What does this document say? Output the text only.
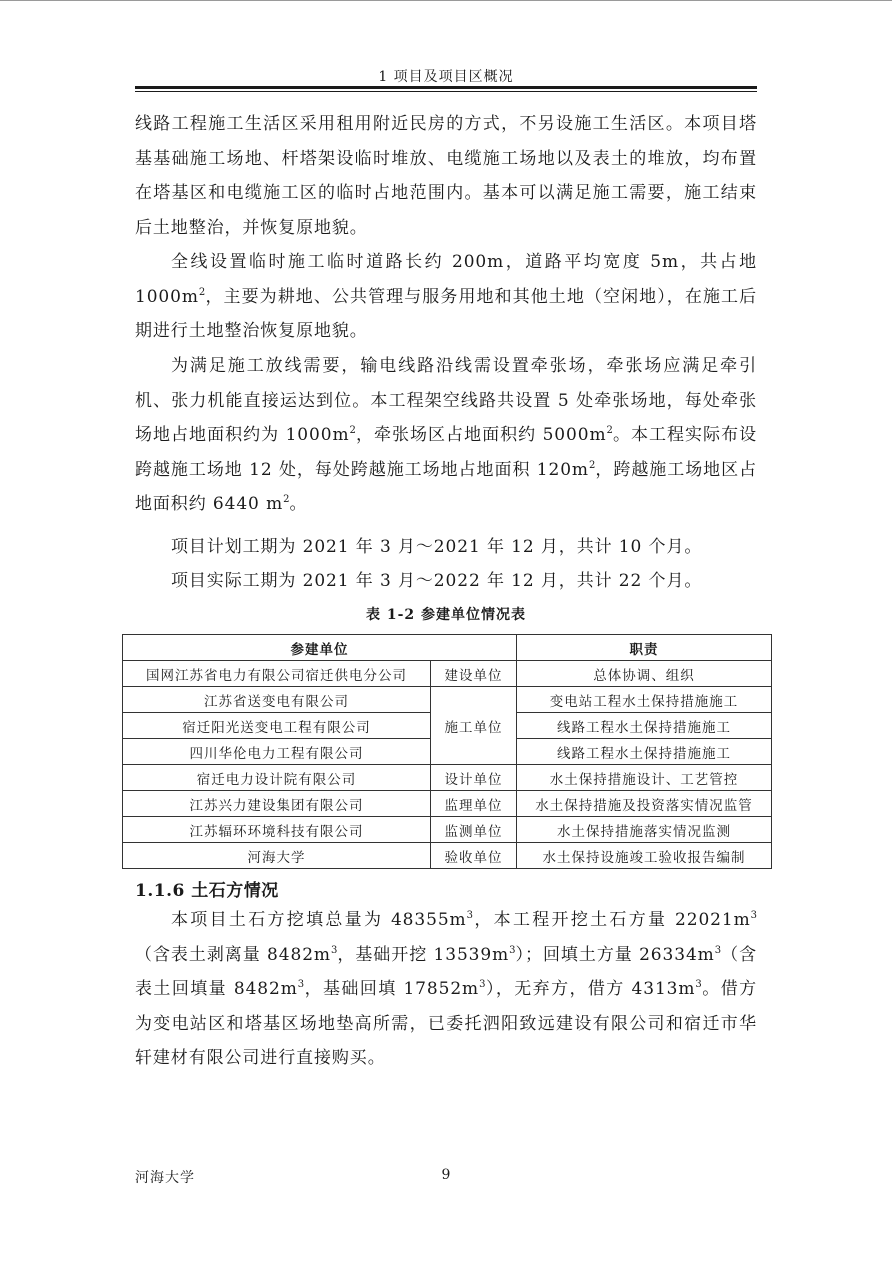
1 项目及项目区概况

线路工程施工生活区采用租用附近民房的方式，不另设施工生活区。本项目塔基基础施工场地、杆塔架设临时堆放、电缆施工场地以及表土的堆放，均布置在塔基区和电缆施工区的临时占地范围内。基本可以满足施工需要，施工结束后土地整治，并恢复原地貌。

全线设置临时施工临时道路长约 200m，道路平均宽度 5m，共占地 $1000m^2$，主要为耕地、公共管理与服务用地和其他土地（空闲地），在施工后期进行土地整治恢复原地貌。

为满足施工放线需要，输电线路沿线需设置牵张场，牵张场应满足牵引机、张力机能直接运达到位。本工程架空线路共设置 5 处牵张场地，每处牵张场地占地面积约为 $1000m^2$，牵张场区占地面积约 $5000m^2$。本工程实际布设跨越施工场地 12 处，每处跨越施工场地占地面积 $120m^2$，跨越施工场地区占地面积约 6440 $m^2$。

项目计划工期为 2021 年 3 月～2021 年 12 月，共计 10 个月。

项目实际工期为 2021 年 3 月～2022 年 12 月，共计 22 个月。

表 1-2 参建单位情况表
参建单位		职责
国网江苏省电力有限公司宿迁供电分公司	建设单位	总体协调、组织
江苏省送变电有限公司	施工单位	变电站工程水土保持措施施工
宿迁阳光送变电工程有限公司		线路工程水土保持措施施工
四川华伦电力工程有限公司		线路工程水土保持措施施工
宿迁电力设计院有限公司	设计单位	水土保持措施设计、工艺管控
江苏兴力建设集团有限公司	监理单位	水土保持措施及投资落实情况监管
江苏辐环环境科技有限公司	监测单位	水土保持措施落实情况监测
河海大学	验收单位	水土保持设施竣工验收报告编制
1.1.6 土石方情况

本项目土石方挖填总量为 $48355m^3$，本工程开挖土石方量 $22021m^3$（含表土剥离量 $8482m^3$，基础开挖 $13539m^3$）；回填土方量 $26334m^3$（含表土回填量 $8482m^3$，基础回填 $17852m^3$），无弃方，借方 $4313m^3$。借方为变电站区和塔基区场地垫高所需，已委托泗阳致远建设有限公司和宿迁市华轩建材有限公司进行直接购买。

河海大学	9
